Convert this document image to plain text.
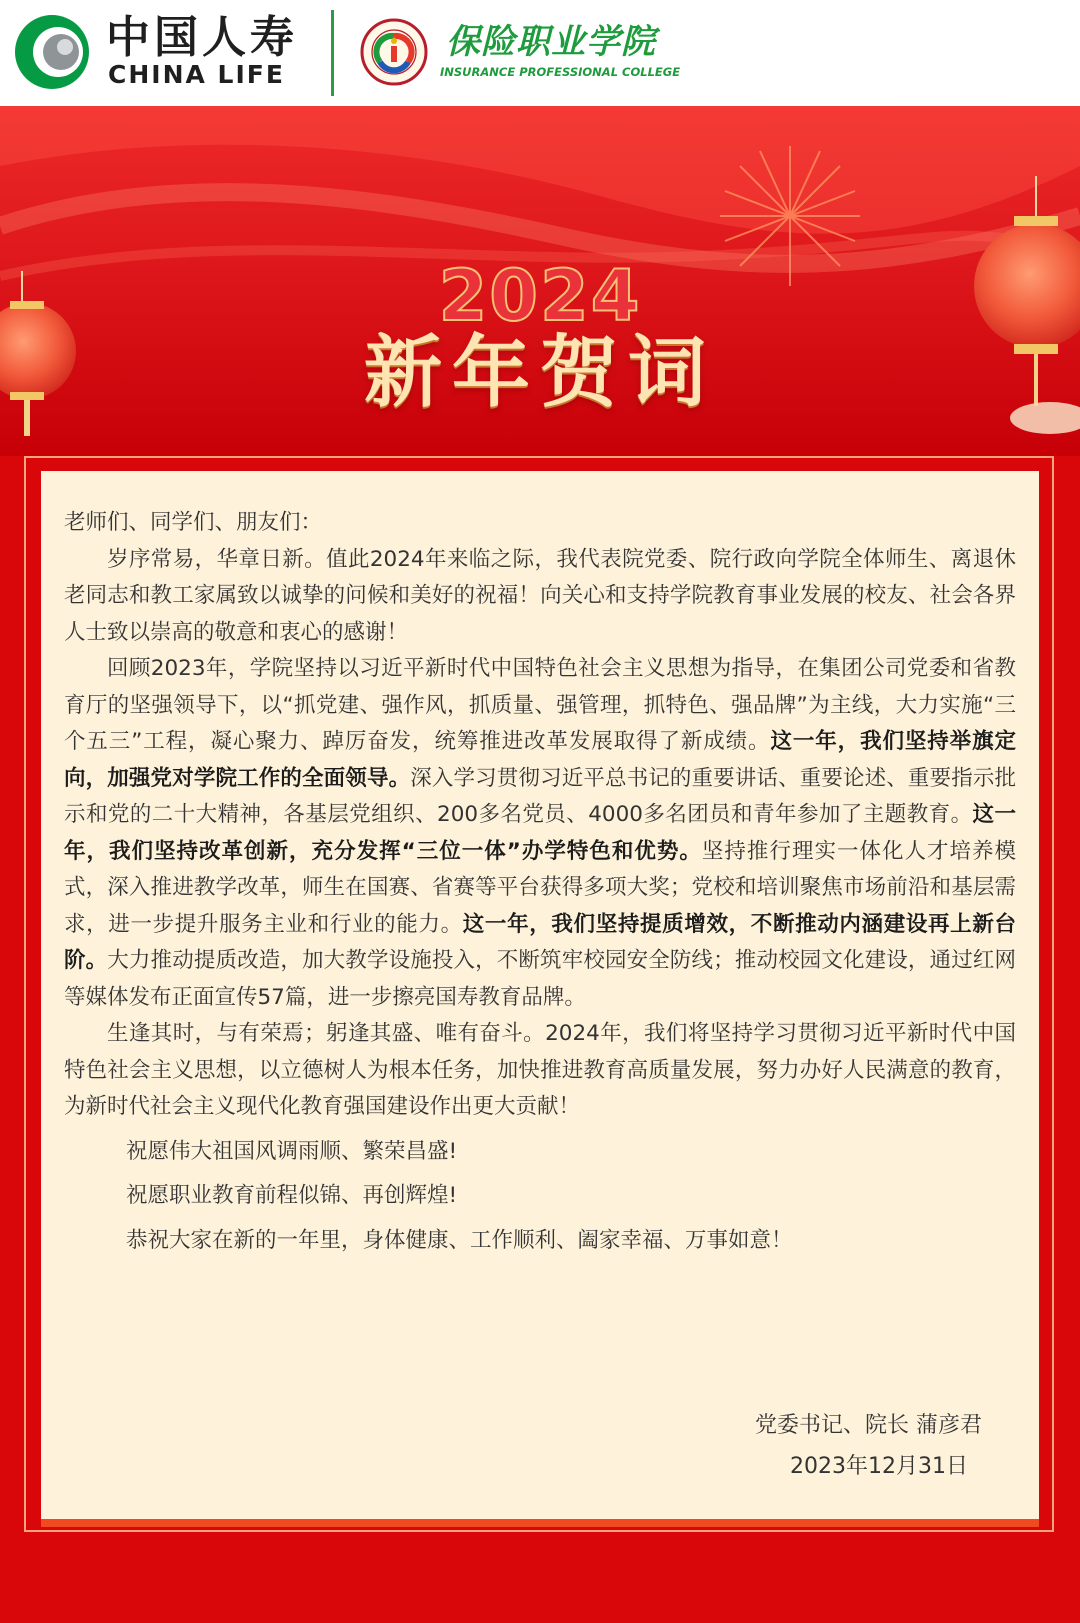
中国人寿
CHINA LIFE
保险职业学院
INSURANCE PROFESSIONAL COLLEGE
2024
新年贺词

老师们、同学们、朋友们：

岁序常易，华章日新。值此2024年来临之际，我代表院党委、院行政向学院全体师生、离退休老同志和教工家属致以诚挚的问候和美好的祝福！向关心和支持学院教育事业发展的校友、社会各界人士致以崇高的敬意和衷心的感谢！

回顾2023年，学院坚持以习近平新时代中国特色社会主义思想为指导，在集团公司党委和省教育厅的坚强领导下，以“抓党建、强作风，抓质量、强管理，抓特色、强品牌”为主线，大力实施“三个五三”工程，凝心聚力、踔厉奋发，统筹推进改革发展取得了新成绩。这一年，我们坚持举旗定向，加强党对学院工作的全面领导。深入学习贯彻习近平总书记的重要讲话、重要论述、重要指示批示和党的二十大精神，各基层党组织、200多名党员、4000多名团员和青年参加了主题教育。这一年，我们坚持改革创新，充分发挥“三位一体”办学特色和优势。坚持推行理实一体化人才培养模式，深入推进教学改革，师生在国赛、省赛等平台获得多项大奖；党校和培训聚焦市场前沿和基层需求，进一步提升服务主业和行业的能力。这一年，我们坚持提质增效，不断推动内涵建设再上新台阶。大力推动提质改造，加大教学设施投入，不断筑牢校园安全防线；推动校园文化建设，通过红网等媒体发布正面宣传57篇，进一步擦亮国寿教育品牌。

生逢其时，与有荣焉；躬逢其盛、唯有奋斗。2024年，我们将坚持学习贯彻习近平新时代中国特色社会主义思想，以立德树人为根本任务，加快推进教育高质量发展，努力办好人民满意的教育，为新时代社会主义现代化教育强国建设作出更大贡献！

祝愿伟大祖国风调雨顺、繁荣昌盛!

祝愿职业教育前程似锦、再创辉煌!

恭祝大家在新的一年里，身体健康、工作顺利、阖家幸福、万事如意！

党委书记、院长 蒲彦君
2023年12月31日
